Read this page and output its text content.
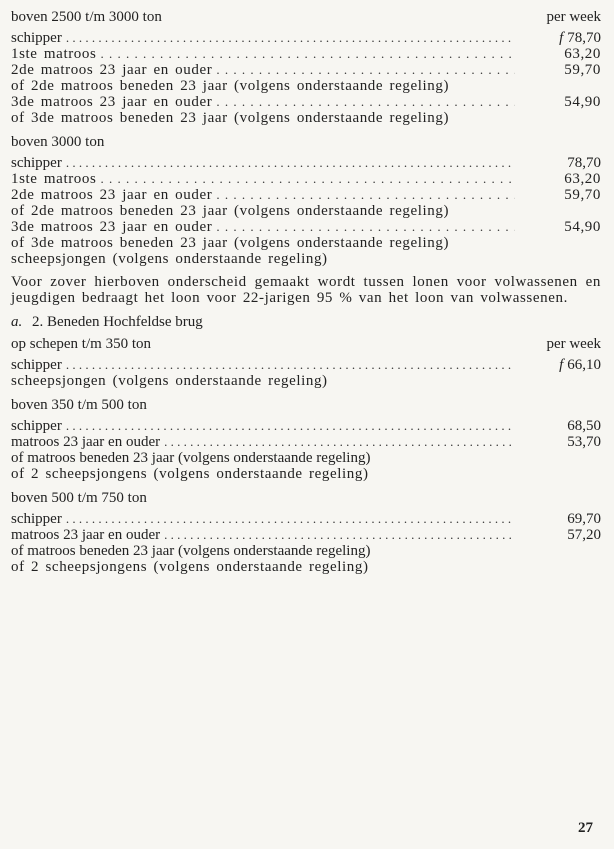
boven 2500 t/m 3000 ton	per week
schipper . . .	f 78,70
1ste matroos . . .	63,20
2de matroos 23 jaar en ouder . . .	59,70
of 2de matroos beneden 23 jaar (volgens onderstaande regeling)
3de matroos 23 jaar en ouder . . .	54,90
of 3de matroos beneden 23 jaar (volgens onderstaande regeling)
boven 3000 ton
schipper . . .	78,70
1ste matroos . . .	63,20
2de matroos 23 jaar en ouder . . .	59,70
of 2de matroos beneden 23 jaar (volgens onderstaande regeling)
3de matroos 23 jaar en ouder . . .	54,90
of 3de matroos beneden 23 jaar (volgens onderstaande regeling)
scheepsjongen (volgens onderstaande regeling)
Voor zover hierboven onderscheid gemaakt wordt tussen lonen voor volwassenen en jeugdigen bedraagt het loon voor 22-jarigen 95 % van het loon van volwassenen.
a. 2. Beneden Hochfeldse brug
op schepen t/m 350 ton	per week
schipper . . .	f 66,10
scheepsjongen (volgens onderstaande regeling)
boven 350 t/m 500 ton
schipper . . .	68,50
matroos 23 jaar en ouder . . .	53,70
of matroos beneden 23 jaar (volgens onderstaande regeling)
of 2 scheepsjongens (volgens onderstaande regeling)
boven 500 t/m 750 ton
schipper . . .	69,70
matroos 23 jaar en ouder . . .	57,20
of matroos beneden 23 jaar (volgens onderstaande regeling)
of 2 scheepsjongens (volgens onderstaande regeling)
27
